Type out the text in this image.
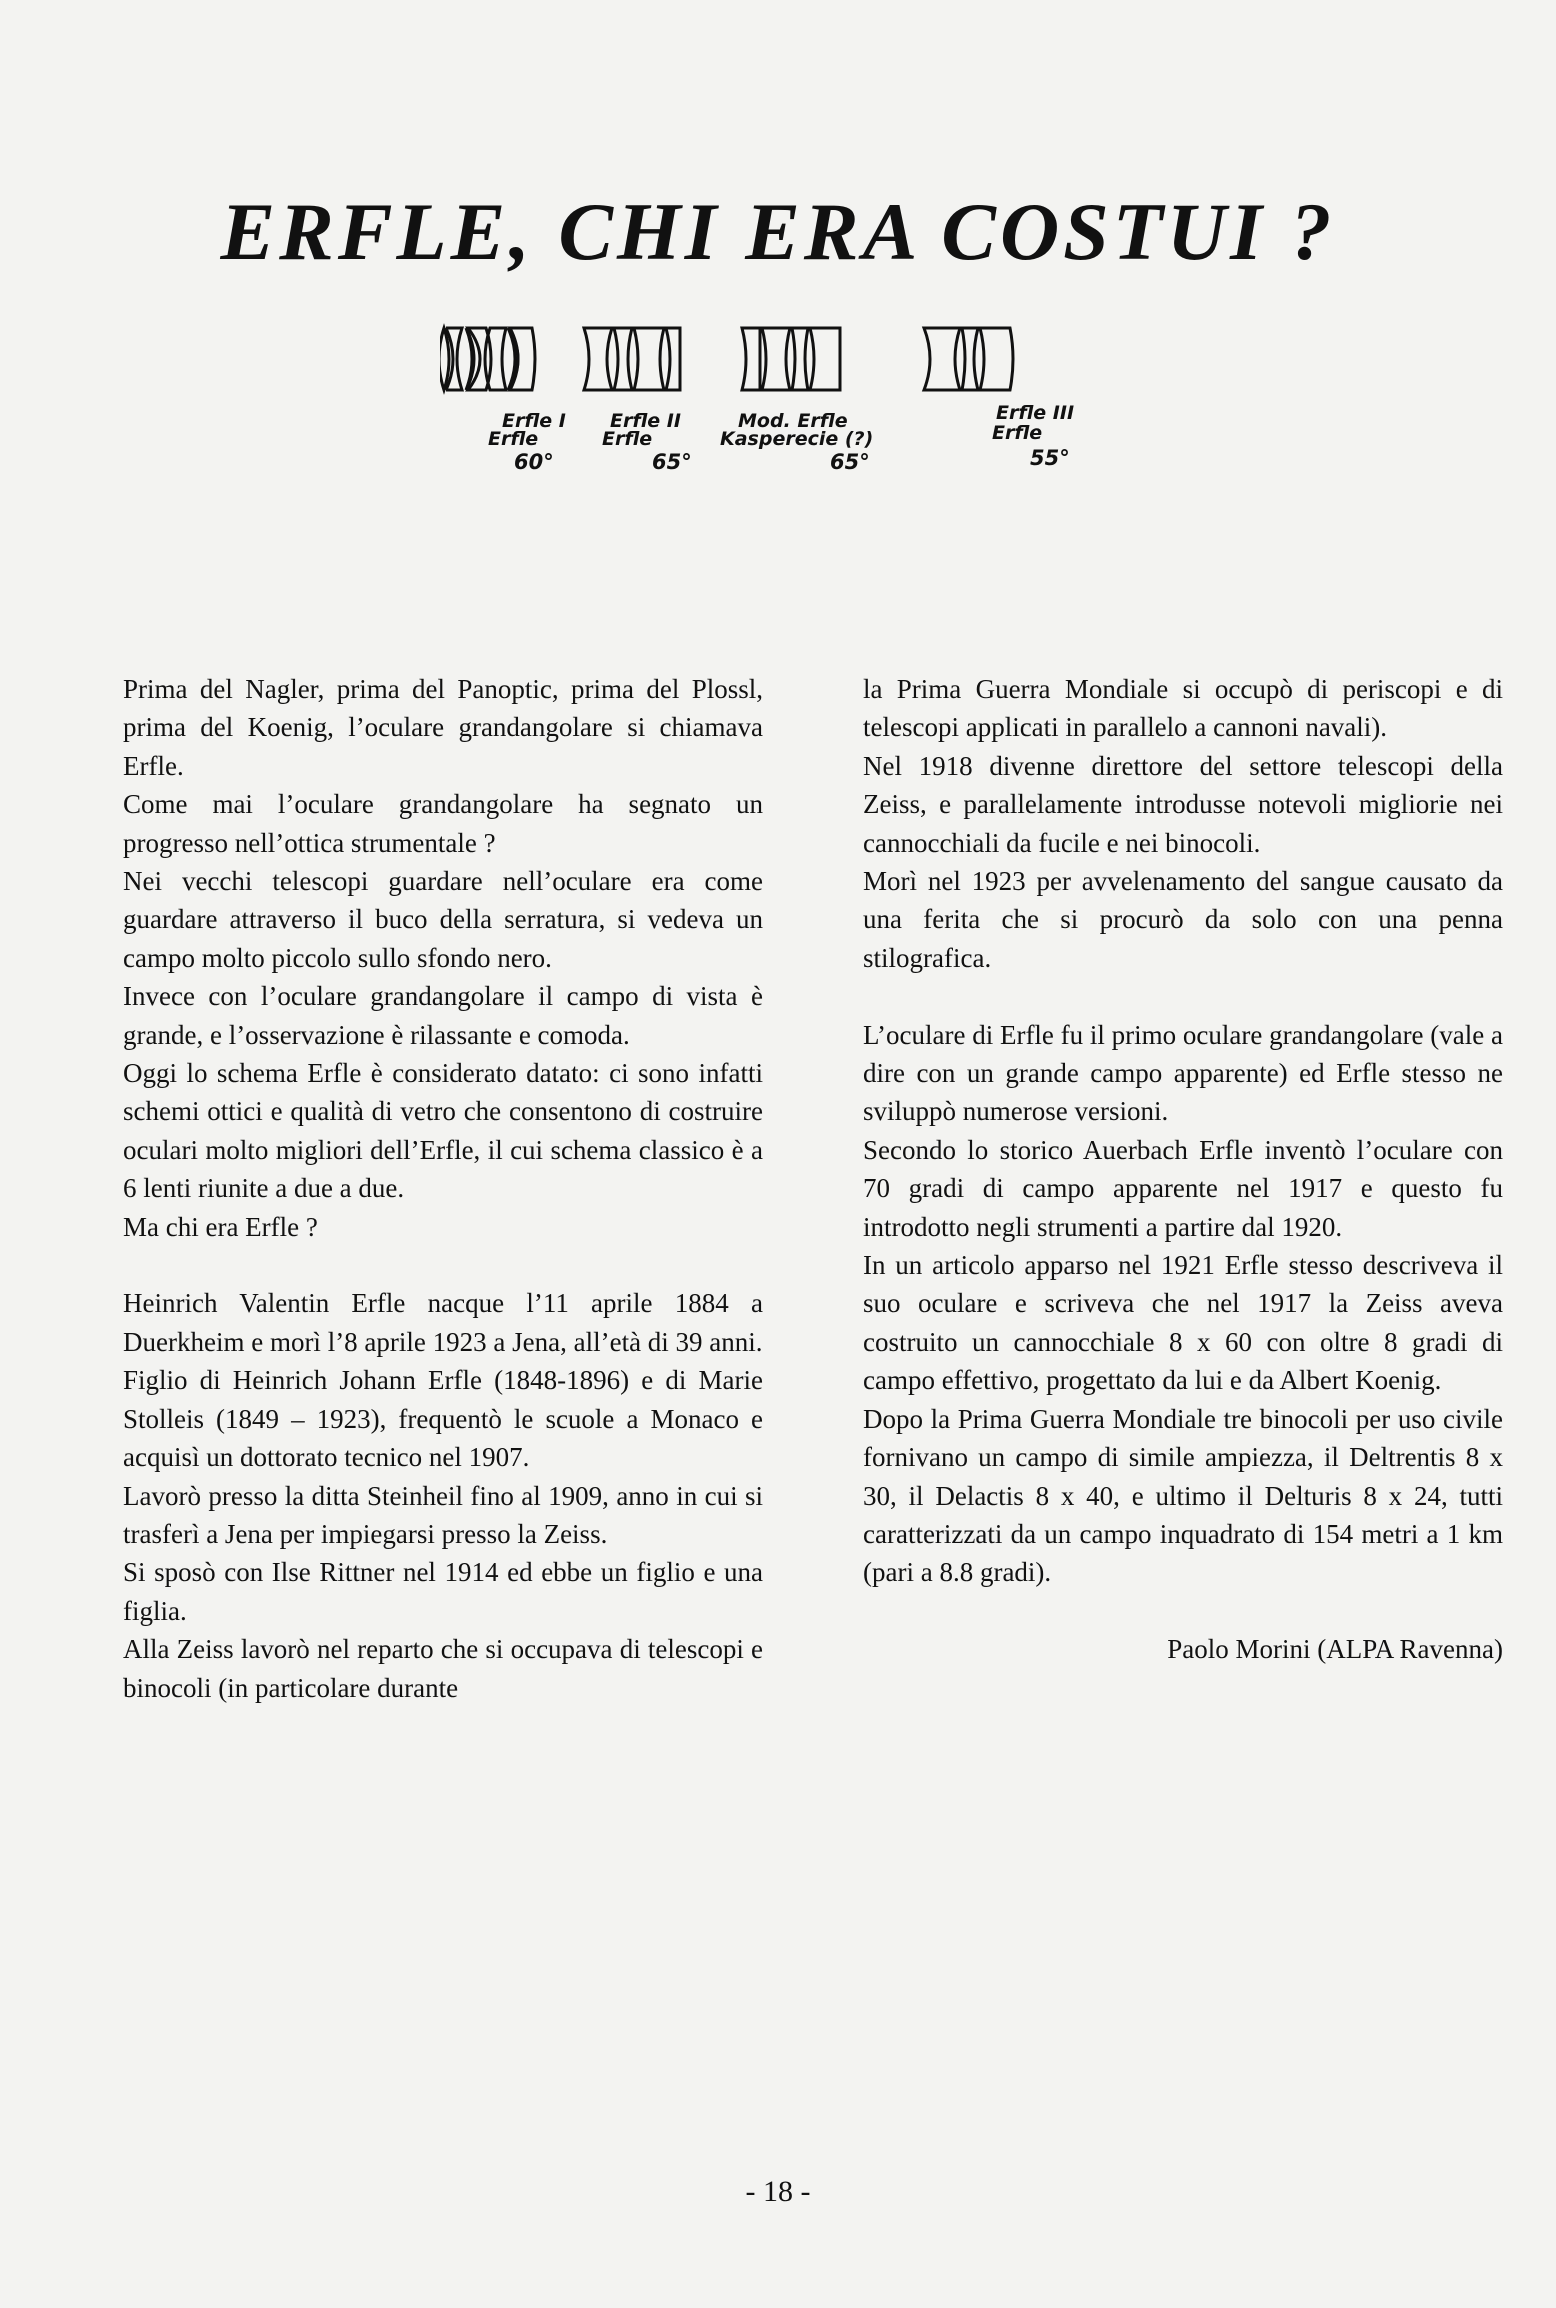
ERFLE, CHI ERA COSTUI ?
Erfle I
Erfle
60°
Erfle II
Erfle
65°
Mod. Erfle
Kasperecie (?)
65°
Erfle III
Erfle
55°

Prima del Nagler, prima del Panoptic, prima del Plossl, prima del Koenig, l’oculare grandangolare si chiamava Erfle.

Come mai l’oculare grandangolare ha segnato un progresso nell’ottica strumentale ?

Nei vecchi telescopi guardare nell’oculare era come guardare attraverso il buco della serratura, si vedeva un campo molto piccolo sullo sfondo nero.

Invece con l’oculare grandangolare il campo di vista è grande, e l’osservazione è rilassante e comoda.

Oggi lo schema Erfle è considerato datato: ci sono infatti schemi ottici e qualità di vetro che consentono di costruire oculari molto migliori dell’Erfle, il cui schema classico è a 6 lenti riunite a due a due.

Ma chi era Erfle ?

Heinrich Valentin Erfle nacque l’11 aprile 1884 a Duerkheim e morì l’8 aprile 1923 a Jena, all’età di 39 anni.

Figlio di Heinrich Johann Erfle (1848-1896) e di Marie Stolleis (1849 – 1923), frequentò le scuole a Monaco e acquisì un dottorato tecnico nel 1907.

Lavorò presso la ditta Steinheil fino al 1909, anno in cui si trasferì a Jena per impiegarsi presso la Zeiss.

Si sposò con Ilse Rittner nel 1914 ed ebbe un figlio e una figlia.

Alla Zeiss lavorò nel reparto che si occupava di telescopi e binocoli (in particolare durante

la Prima Guerra Mondiale si occupò di periscopi e di telescopi applicati in parallelo a cannoni navali).

Nel 1918 divenne direttore del settore telescopi della Zeiss, e parallelamente introdusse notevoli migliorie nei cannocchiali da fucile e nei binocoli.

Morì nel 1923 per avvelenamento del sangue causato da una ferita che si procurò da solo con una penna stilografica.

L’oculare di Erfle fu il primo oculare grandangolare (vale a dire con un grande campo apparente) ed Erfle stesso ne sviluppò numerose versioni.

Secondo lo storico Auerbach Erfle inventò l’oculare con 70 gradi di campo apparente nel 1917 e questo fu introdotto negli strumenti a partire dal 1920.

In un articolo apparso nel 1921 Erfle stesso descriveva il suo oculare e scriveva che nel 1917 la Zeiss aveva costruito un cannocchiale 8 x 60 con oltre 8 gradi di campo effettivo, progettato da lui e da Albert Koenig.

Dopo la Prima Guerra Mondiale tre binocoli per uso civile fornivano un campo di simile ampiezza, il Deltrentis 8 x 30, il Delactis 8 x 40, e ultimo il Delturis 8 x 24, tutti caratterizzati da un campo inquadrato di 154 metri a 1 km (pari a 8.8 gradi).

Paolo Morini (ALPA Ravenna)

- 18 -
